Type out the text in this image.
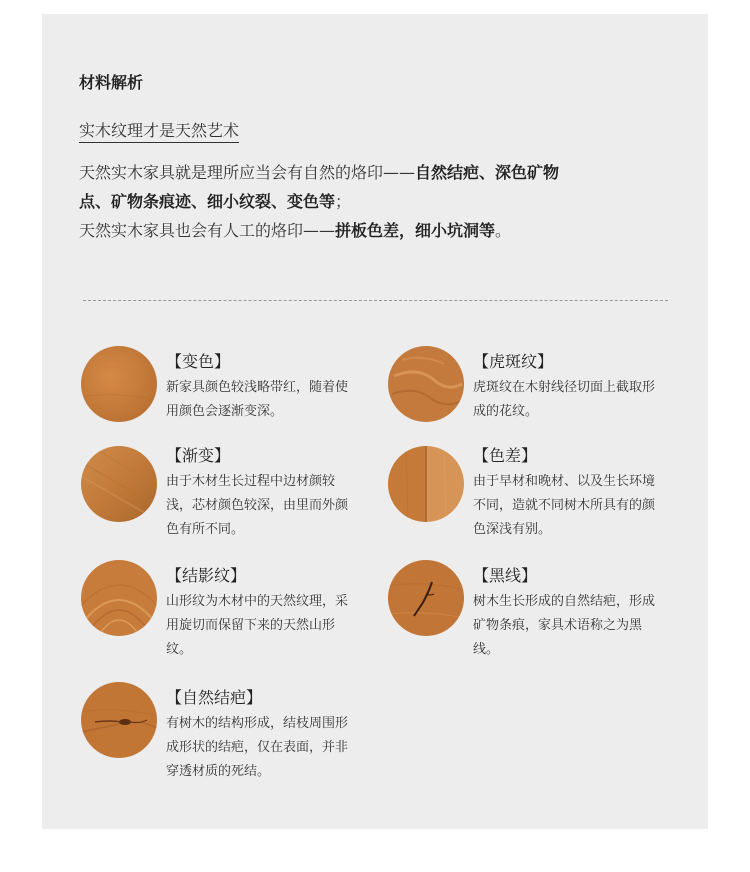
材料解析
实木纹理才是天然艺术
天然实木家具就是理所应当会有自然的烙印——自然结疤、深色矿物
点、矿物条痕迹、细小纹裂、变色等；
天然实木家具也会有人工的烙印——拼板色差，细小坑洞等。
【变色】
新家具颜色较浅略带红，随着使用颜色会逐渐变深。
【虎斑纹】
虎斑纹在木射线径切面上截取形成的花纹。
【渐变】
由于木材生长过程中边材颜较浅，芯材颜色较深，由里而外颜色有所不同。
【色差】
由于早材和晚材、以及生长环境不同，造就不同树木所具有的颜色深浅有别。
【结影纹】
山形纹为木材中的天然纹理，采用旋切而保留下来的天然山形纹。
【黑线】
树木生长形成的自然结疤，形成矿物条痕，家具术语称之为黑线。
【自然结疤】
有树木的结构形成，结枝周围形成形状的结疤，仅在表面，并非穿透材质的死结。
